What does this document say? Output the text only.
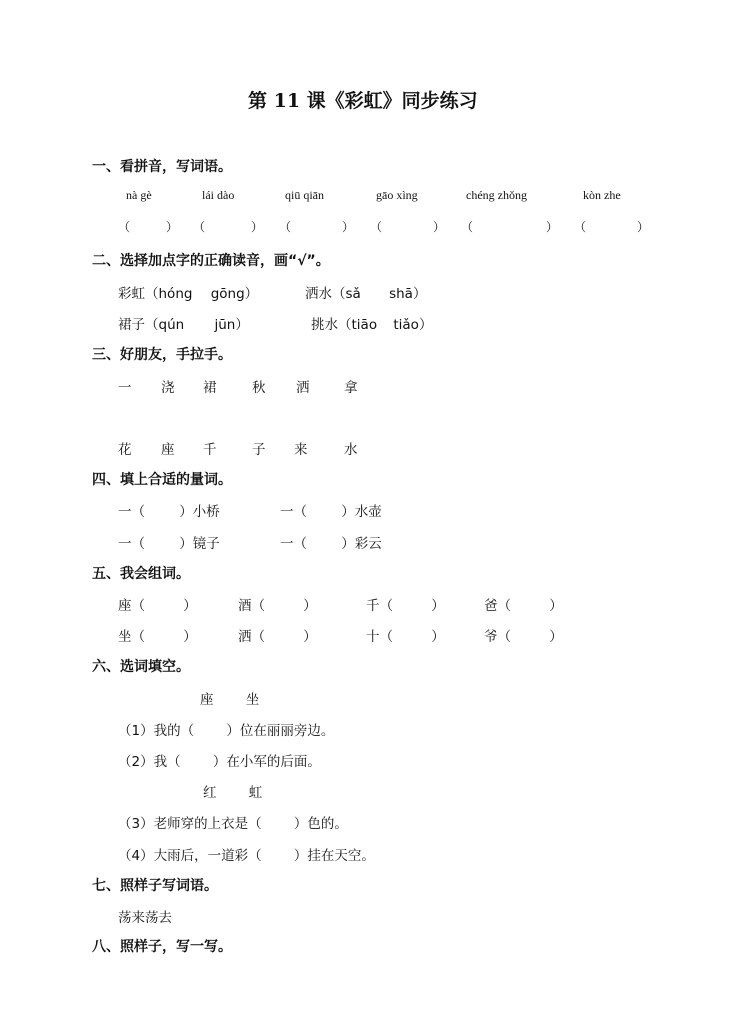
第 11 课《彩虹》同步练习
一、看拼音，写词语。
nà gè	lái dào	qiū qiān	gāo xìng	chéng zhǒng	kòn zhe
（	） （	） （	） （	） （	） （	）
二、选择加点字的正确读音，画“√”。
彩虹（hóng gōng）	洒水（sǎ shā）
裙子（qún jūn）	挑水（tiāo tiǎo）
三、好朋友，手拉手。
一 浇 裙	秋 洒	拿
花 座 千	子 来	水
四、填上合适的量词。
一（ ）小桥	一（ ）水壶
一（ ）镜子	一（ ）彩云
五、我会组词。
座（ ）	酒（ ）	千（ ）	爸（ ）
坐（ ）	洒（ ）	十（ ）	爷（ ）
六、选词填空。
座 坐
（1）我的（ ）位在丽丽旁边。
（2）我（ ）在小军的后面。
红 虹
（3）老师穿的上衣是（ ）色的。
（4）大雨后，一道彩（ ）挂在天空。
七、照样子写词语。
荡来荡去
八、照样子，写一写。
